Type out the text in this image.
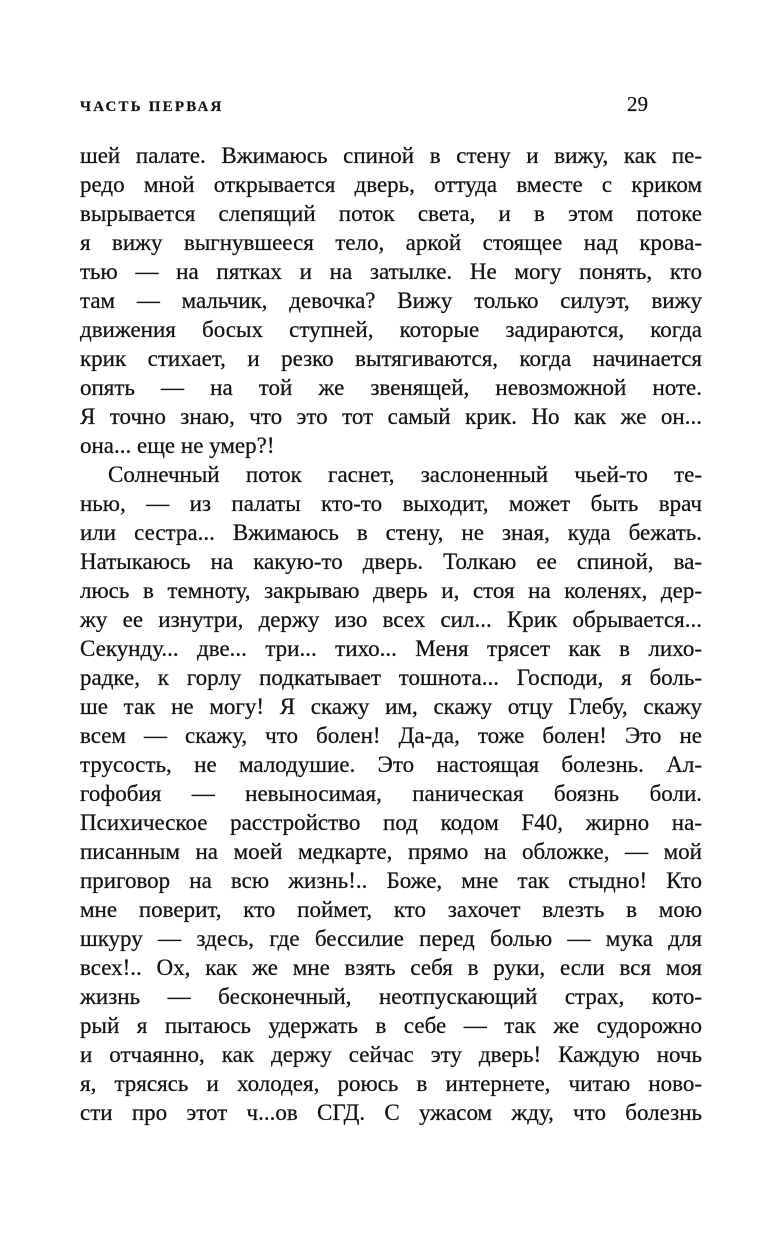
ЧАСТЬ ПЕРВАЯ	29
шей палате. Вжимаюсь спиной в стену и вижу, как пе-
редо мной открывается дверь, оттуда вместе с криком
вырывается слепящий поток света, и в этом потоке
я вижу выгнувшееся тело, аркой стоящее над крова-
тью — на пятках и на затылке. Не могу понять, кто
там — мальчик, девочка? Вижу только силуэт, вижу
движения босых ступней, которые задираются, когда
крик стихает, и резко вытягиваются, когда начинается
опять — на той же звенящей, невозможной ноте.
Я точно знаю, что это тот самый крик. Но как же он...
она... еще не умер?!
Солнечный поток гаснет, заслоненный чьей-то те-
нью, — из палаты кто-то выходит, может быть врач
или сестра... Вжимаюсь в стену, не зная, куда бежать.
Натыкаюсь на какую-то дверь. Толкаю ее спиной, ва-
люсь в темноту, закрываю дверь и, стоя на коленях, дер-
жу ее изнутри, держу изо всех сил... Крик обрывается...
Секунду... две... три... тихо... Меня трясет как в лихо-
радке, к горлу подкатывает тошнота... Господи, я боль-
ше так не могу! Я скажу им, скажу отцу Глебу, скажу
всем — скажу, что болен! Да-да, тоже болен! Это не
трусость, не малодушие. Это настоящая болезнь. Ал-
гофобия — невыносимая, паническая боязнь боли.
Психическое расстройство под кодом F40, жирно на-
писанным на моей медкарте, прямо на обложке, — мой
приговор на всю жизнь!.. Боже, мне так стыдно! Кто
мне поверит, кто поймет, кто захочет влезть в мою
шкуру — здесь, где бессилие перед болью — мука для
всех!.. Ох, как же мне взять себя в руки, если вся моя
жизнь — бесконечный, неотпускающий страх, кото-
рый я пытаюсь удержать в себе — так же судорожно
и отчаянно, как держу сейчас эту дверь! Каждую ночь
я, трясясь и холодея, роюсь в интернете, читаю ново-
сти про этот ч...ов СГД. С ужасом жду, что болезнь
